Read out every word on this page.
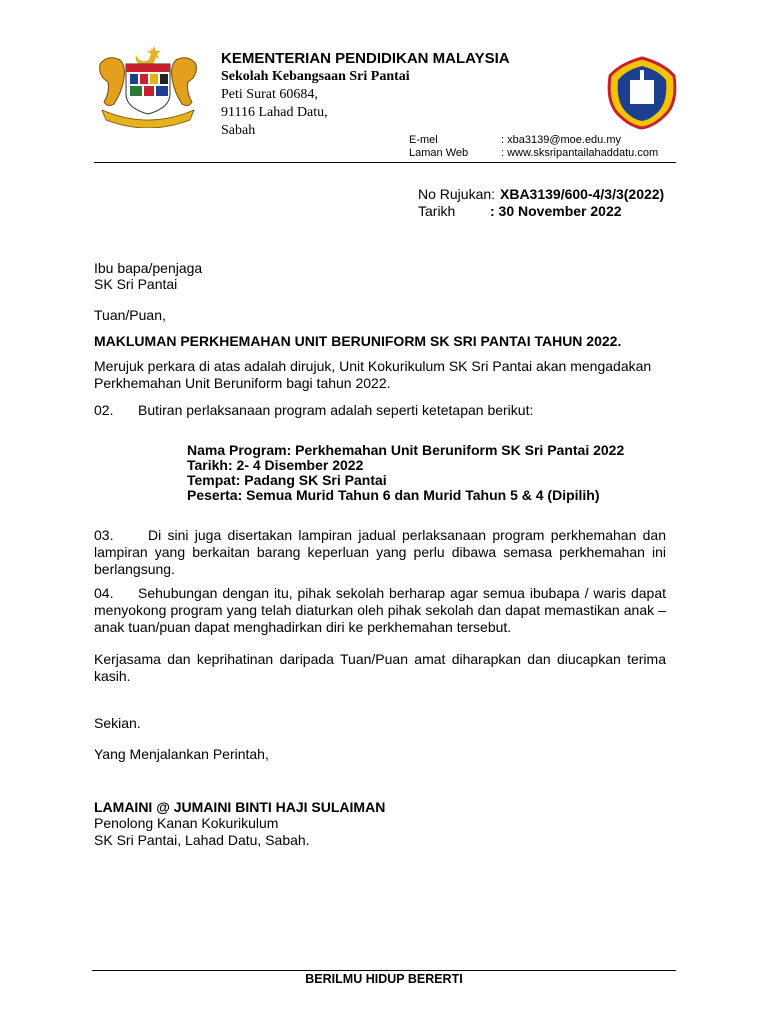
KEMENTERIAN PENDIDIKAN MALAYSIA
Sekolah Kebangsaan Sri Pantai
Peti Surat 60684,
91116 Lahad Datu,
Sabah
E-mel	: xba3139@moe.edu.my
Laman Web	: www.sksripantailahaddatu.com
No Rujukan: XBA3139/600-4/3/3(2022)
Tarikh : 30 November 2022
Ibu bapa/penjaga
SK Sri Pantai
Tuan/Puan,
MAKLUMAN PERKHEMAHAN UNIT BERUNIFORM SK SRI PANTAI TAHUN 2022.
Merujuk perkara di atas adalah dirujuk, Unit Kokurikulum SK Sri Pantai akan mengadakan Perkhemahan Unit Beruniform bagi tahun 2022.
02. Butiran perlaksanaan program adalah seperti ketetapan berikut:
Nama Program: Perkhemahan Unit Beruniform SK Sri Pantai 2022
Tarikh: 2- 4 Disember 2022
Tempat: Padang SK Sri Pantai
Peserta: Semua Murid Tahun 6 dan Murid Tahun 5 & 4 (Dipilih)
03. Di sini juga disertakan lampiran jadual perlaksanaan program perkhemahan dan lampiran yang berkaitan barang keperluan yang perlu dibawa semasa perkhemahan ini berlangsung.
04. Sehubungan dengan itu, pihak sekolah berharap agar semua ibubapa / waris dapat menyokong program yang telah diaturkan oleh pihak sekolah dan dapat memastikan anak – anak tuan/puan dapat menghadirkan diri ke perkhemahan tersebut.
Kerjasama dan keprihatinan daripada Tuan/Puan amat diharapkan dan diucapkan terima kasih.
Sekian.
Yang Menjalankan Perintah,
LAMAINI @ JUMAINI BINTI HAJI SULAIMAN
Penolong Kanan Kokurikulum
SK Sri Pantai, Lahad Datu, Sabah.
BERILMU HIDUP BERERTI
